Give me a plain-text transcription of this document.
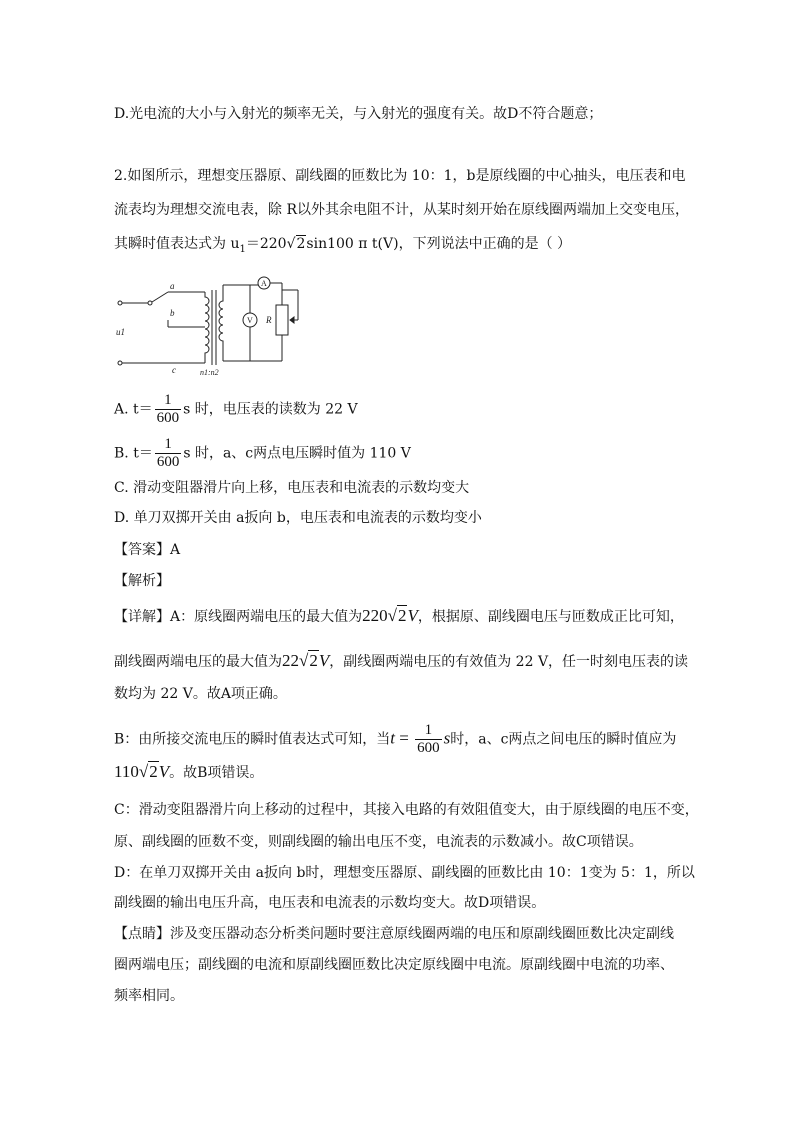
D.光电流的大小与入射光的频率无关，与入射光的强度有关。故D不符合题意；
2.如图所示，理想变压器原、副线圈的匝数比为 10：1，b是原线圈的中心抽头，电压表和电
流表均为理想交流电表，除 R以外其余电阻不计，从某时刻开始在原线圈两端加上交变电压，
其瞬时值表达式为 $u_1=220√2\sin 100$ π t(V)，下列说法中正确的是（ ）
a
b
c
u1
n1:n2
A
V R
A. $t= \frac{1}{600}$ s 时，电压表的读数为 22 V
B. $t= \frac{1}{600}$ s 时，a、c两点电压瞬时值为 110 V
C. 滑动变阻器滑片向上移，电压表和电流表的示数均变大
D. 单刀双掷开关由 a扳向 b，电压表和电流表的示数均变小
【答案】A
【解析】
【详解】A：原线圈两端电压的最大值为220√2V，根据原、副线圈电压与匝数成正比可知，
副线圈两端电压的最大值为22√2V，副线圈两端电压的有效值为 22 V，任一时刻电压表的读
数均为 22 V。故A项正确。
B：由所接交流电压的瞬时值表达式可知，当$t = \frac{1}{600}$ s时，a、c两点之间电压的瞬时值应为
110√2V。故B项错误。
C：滑动变阻器滑片向上移动的过程中，其接入电路的有效阻值变大，由于原线圈的电压不变，
原、副线圈的匝数不变，则副线圈的输出电压不变，电流表的示数减小。故C项错误。
D：在单刀双掷开关由 a扳向 b时，理想变压器原、副线圈的匝数比由 10：1变为 5：1，所以
副线圈的输出电压升高，电压表和电流表的示数均变大。故D项错误。
【点睛】涉及变压器动态分析类问题时要注意原线圈两端的电压和原副线圈匝数比决定副线
圈两端电压；副线圈的电流和原副线圈匝数比决定原线圈中电流。原副线圈中电流的功率、
频率相同。
